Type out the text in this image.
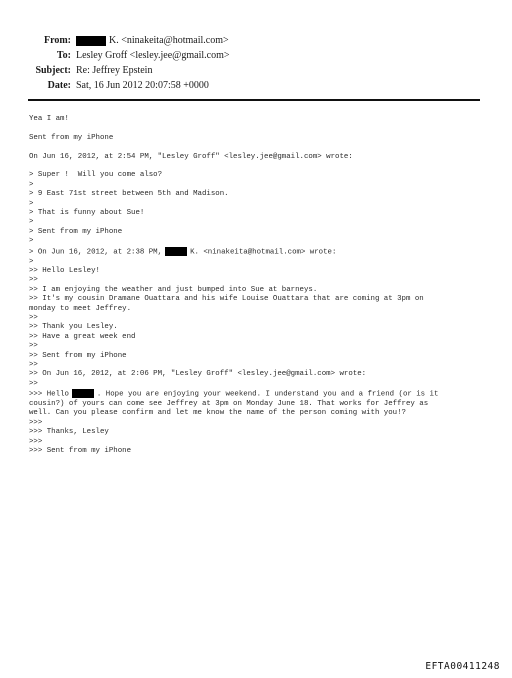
From:	K. <ninakeita@hotmail.com>
To: Lesley Groff <lesley.jee@gmail.com>
Subject: Re: Jeffrey Epstein
Date: Sat, 16 Jun 2012 20:07:58 +0000
Yea I am!
Sent from my iPhone
On Jun 16, 2012, at 2:54 PM, "Lesley Groff" <lesley.jee@gmail.com> wrote:
> Super !  Will you come also?
>
> 9 East 71st street between 5th and Madison.
>
> That is funny about Sue!
>
> Sent from my iPhone
>
> On Jun 16, 2012, at 2:38 PM,	K. <ninakeita@hotmail.com> wrote:
>
>> Hello Lesley!
>>
>> I am enjoying the weather and just bumped into Sue at barneys.
>> It's my cousin Dramane Ouattara and his wife Louise Ouattara that are coming at 3pm on
monday to meet Jeffrey.
>>
>> Thank you Lesley.
>> Have a great week end
>>
>> Sent from my iPhone
>>
>> On Jun 16, 2012, at 2:06 PM, "Lesley Groff" <lesley.jee@gmail.com> wrote:
>>
>>> Hello	. Hope you are enjoying your weekend. I understand you and a friend (or is it
cousin?) of yours can come see Jeffrey at 3pm on Monday June 18. That works for Jeffrey as
well. Can you please confirm and let me know the name of the person coming with you!?
>>>
>>> Thanks, Lesley
>>>
>>> Sent from my iPhone
EFTA00411248
